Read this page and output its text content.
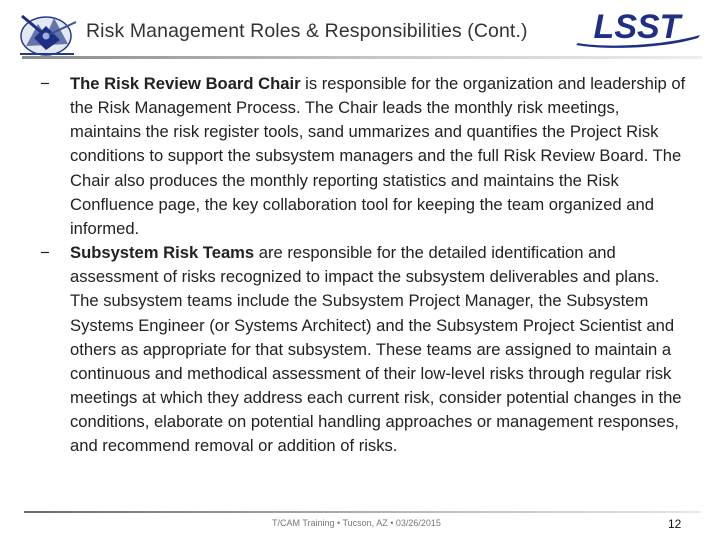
Risk Management Roles & Responsibilities (Cont.) LSST

− The Risk Review Board Chair is responsible for the organization and leadership of the Risk Management Process. The Chair leads the monthly risk meetings, maintains the risk register tools, sand ummarizes and quantifies the Project Risk conditions to support the subsystem managers and the full Risk Review Board. The Chair also produces the monthly reporting statistics and maintains the Risk Confluence page, the key collaboration tool for keeping the team organized and informed.

− Subsystem Risk Teams are responsible for the detailed identification and assessment of risks recognized to impact the subsystem deliverables and plans. The subsystem teams include the Subsystem Project Manager, the Subsystem Systems Engineer (or Systems Architect) and the Subsystem Project Scientist and others as appropriate for that subsystem. These teams are assigned to maintain a continuous and methodical assessment of their low-level risks through regular risk meetings at which they address each current risk, consider potential changes in the conditions, elaborate on potential handling approaches or management responses, and recommend removal or addition of risks.

T/CAM Training • Tucson, AZ • 03/26/2015	12
